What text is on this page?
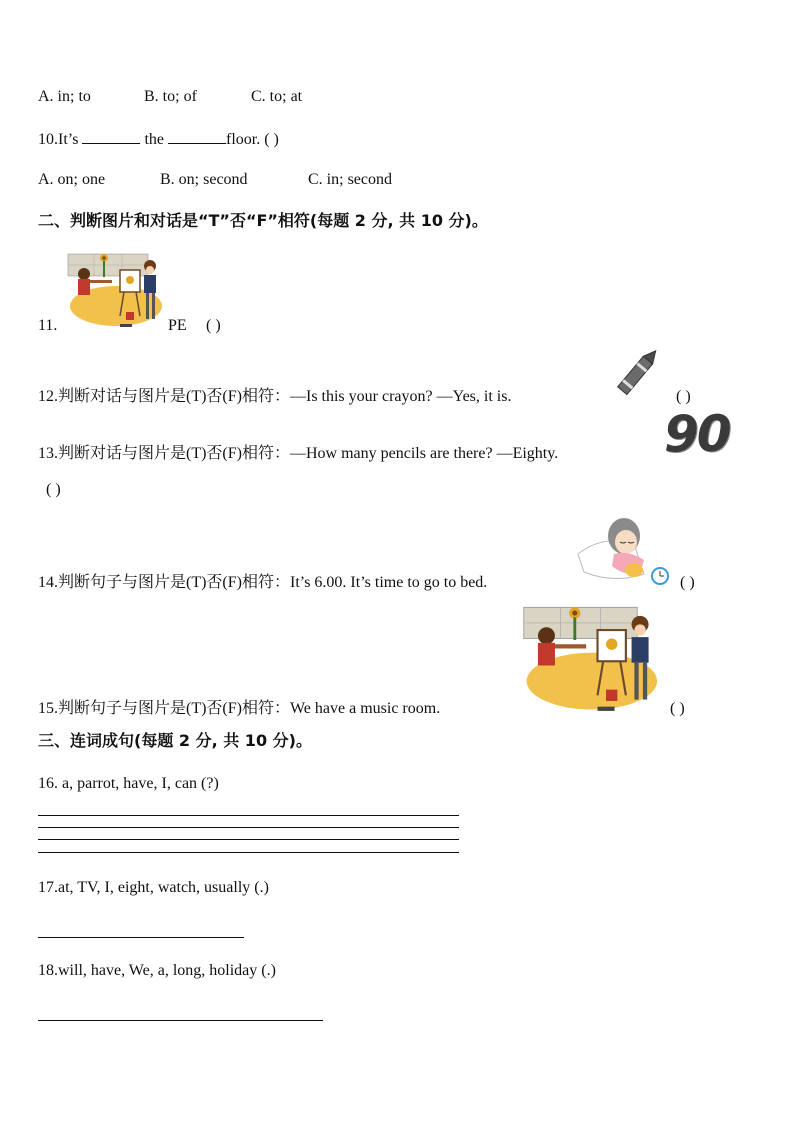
A. in; to	B. to; of	C. to; at
10.It’s	the	floor. ( )
A. on; one	B. on; second	C. in; second
二、判断图片和对话是“T”否“F”相符(每题 2 分, 共 10 分)。
11.	PE ( )
12.判断对话与图片是(T)否(F)相符：—Is this your crayon? —Yes, it is.	( )
90
13.判断对话与图片是(T)否(F)相符：—How many pencils are there? —Eighty.
( )
14.判断句子与图片是(T)否(F)相符：It’s 6.00. It’s time to go to bed.	( )
15.判断句子与图片是(T)否(F)相符：We have a music room.	( )
三、连词成句(每题 2 分, 共 10 分)。
16. a, parrot, have, I, can (?)
17.at, TV, I, eight, watch, usually (.)
18.will, have, We, a, long, holiday (.)
